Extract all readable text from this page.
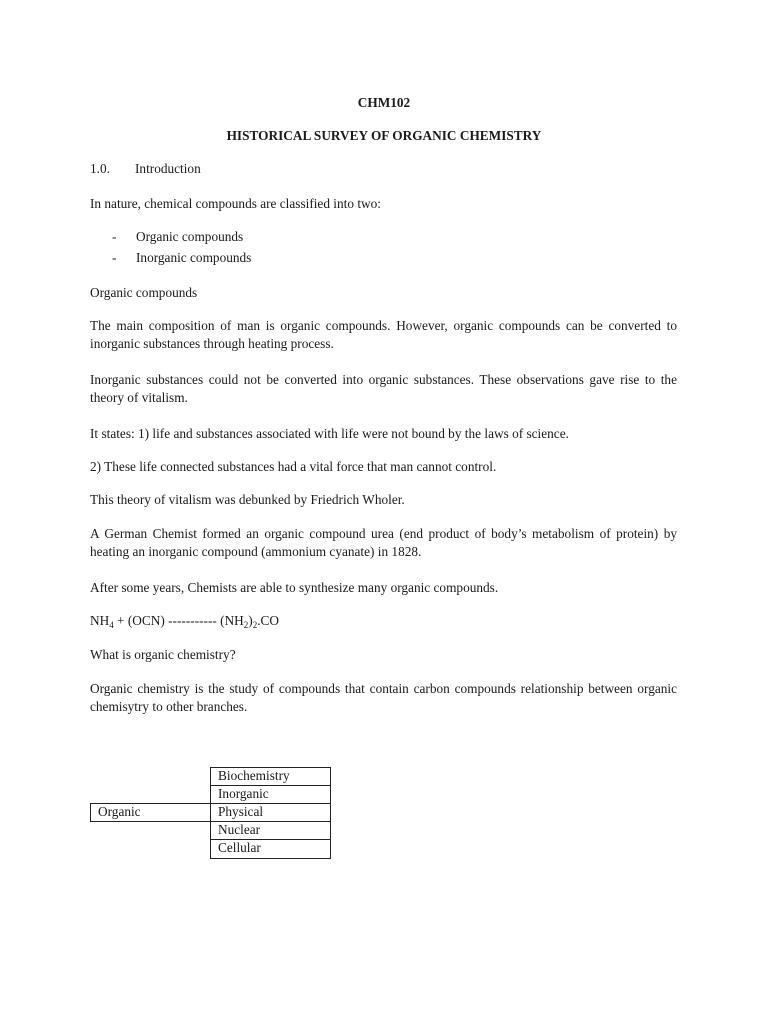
CHM102
HISTORICAL SURVEY OF ORGANIC CHEMISTRY
1.0. Introduction
In nature, chemical compounds are classified into two:
- Organic compounds
- Inorganic compounds
Organic compounds
The main composition of man is organic compounds. However, organic compounds can be converted to inorganic substances through heating process.
Inorganic substances could not be converted into organic substances. These observations gave rise to the theory of vitalism.
It states: 1) life and substances associated with life were not bound by the laws of science.
2) These life connected substances had a vital force that man cannot control.
This theory of vitalism was debunked by Friedrich Wholer.
A German Chemist formed an organic compound urea (end product of body’s metabolism of protein) by heating an inorganic compound (ammonium cyanate) in 1828.
After some years, Chemists are able to synthesize many organic compounds.
$NH_4 + (OCN)$ ----------- $(NH_2)_2.CO$
What is organic chemistry?
Organic chemistry is the study of compounds that contain carbon compounds relationship between organic chemisytry to other branches.
Organic
Biochemistry
Inorganic
Physical
Nuclear
Cellular
